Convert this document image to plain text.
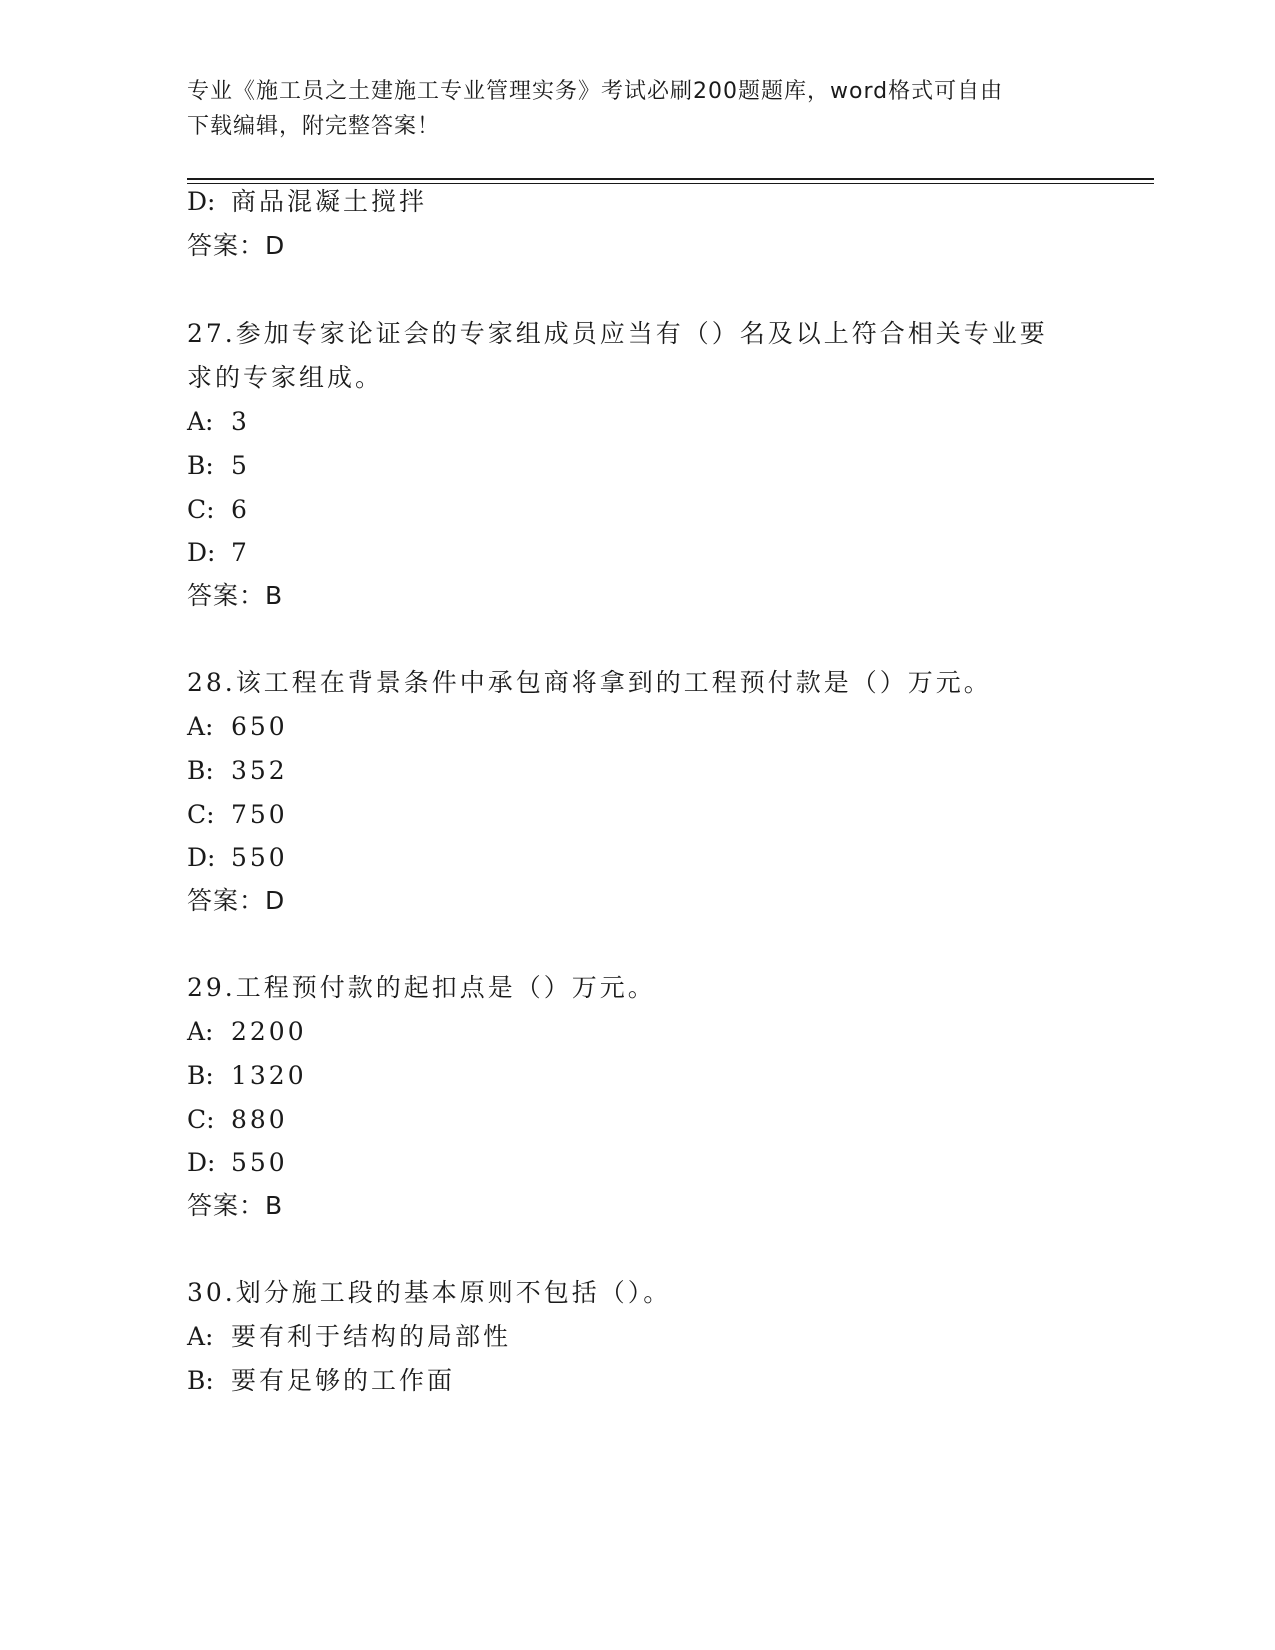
专业《施工员之土建施工专业管理实务》考试必刷200题题库，word格式可自由
下载编辑，附完整答案！
D: 商品混凝土搅拌
答案：D
27.参加专家论证会的专家组成员应当有（）名及以上符合相关专业要
求的专家组成。
A: 3
B: 5
C: 6
D: 7
答案：B
28.该工程在背景条件中承包商将拿到的工程预付款是（）万元。
A: 650
B: 352
C: 750
D: 550
答案：D
29.工程预付款的起扣点是（）万元。
A: 2200
B: 1320
C: 880
D: 550
答案：B
30.划分施工段的基本原则不包括（）。
A: 要有利于结构的局部性
B: 要有足够的工作面
